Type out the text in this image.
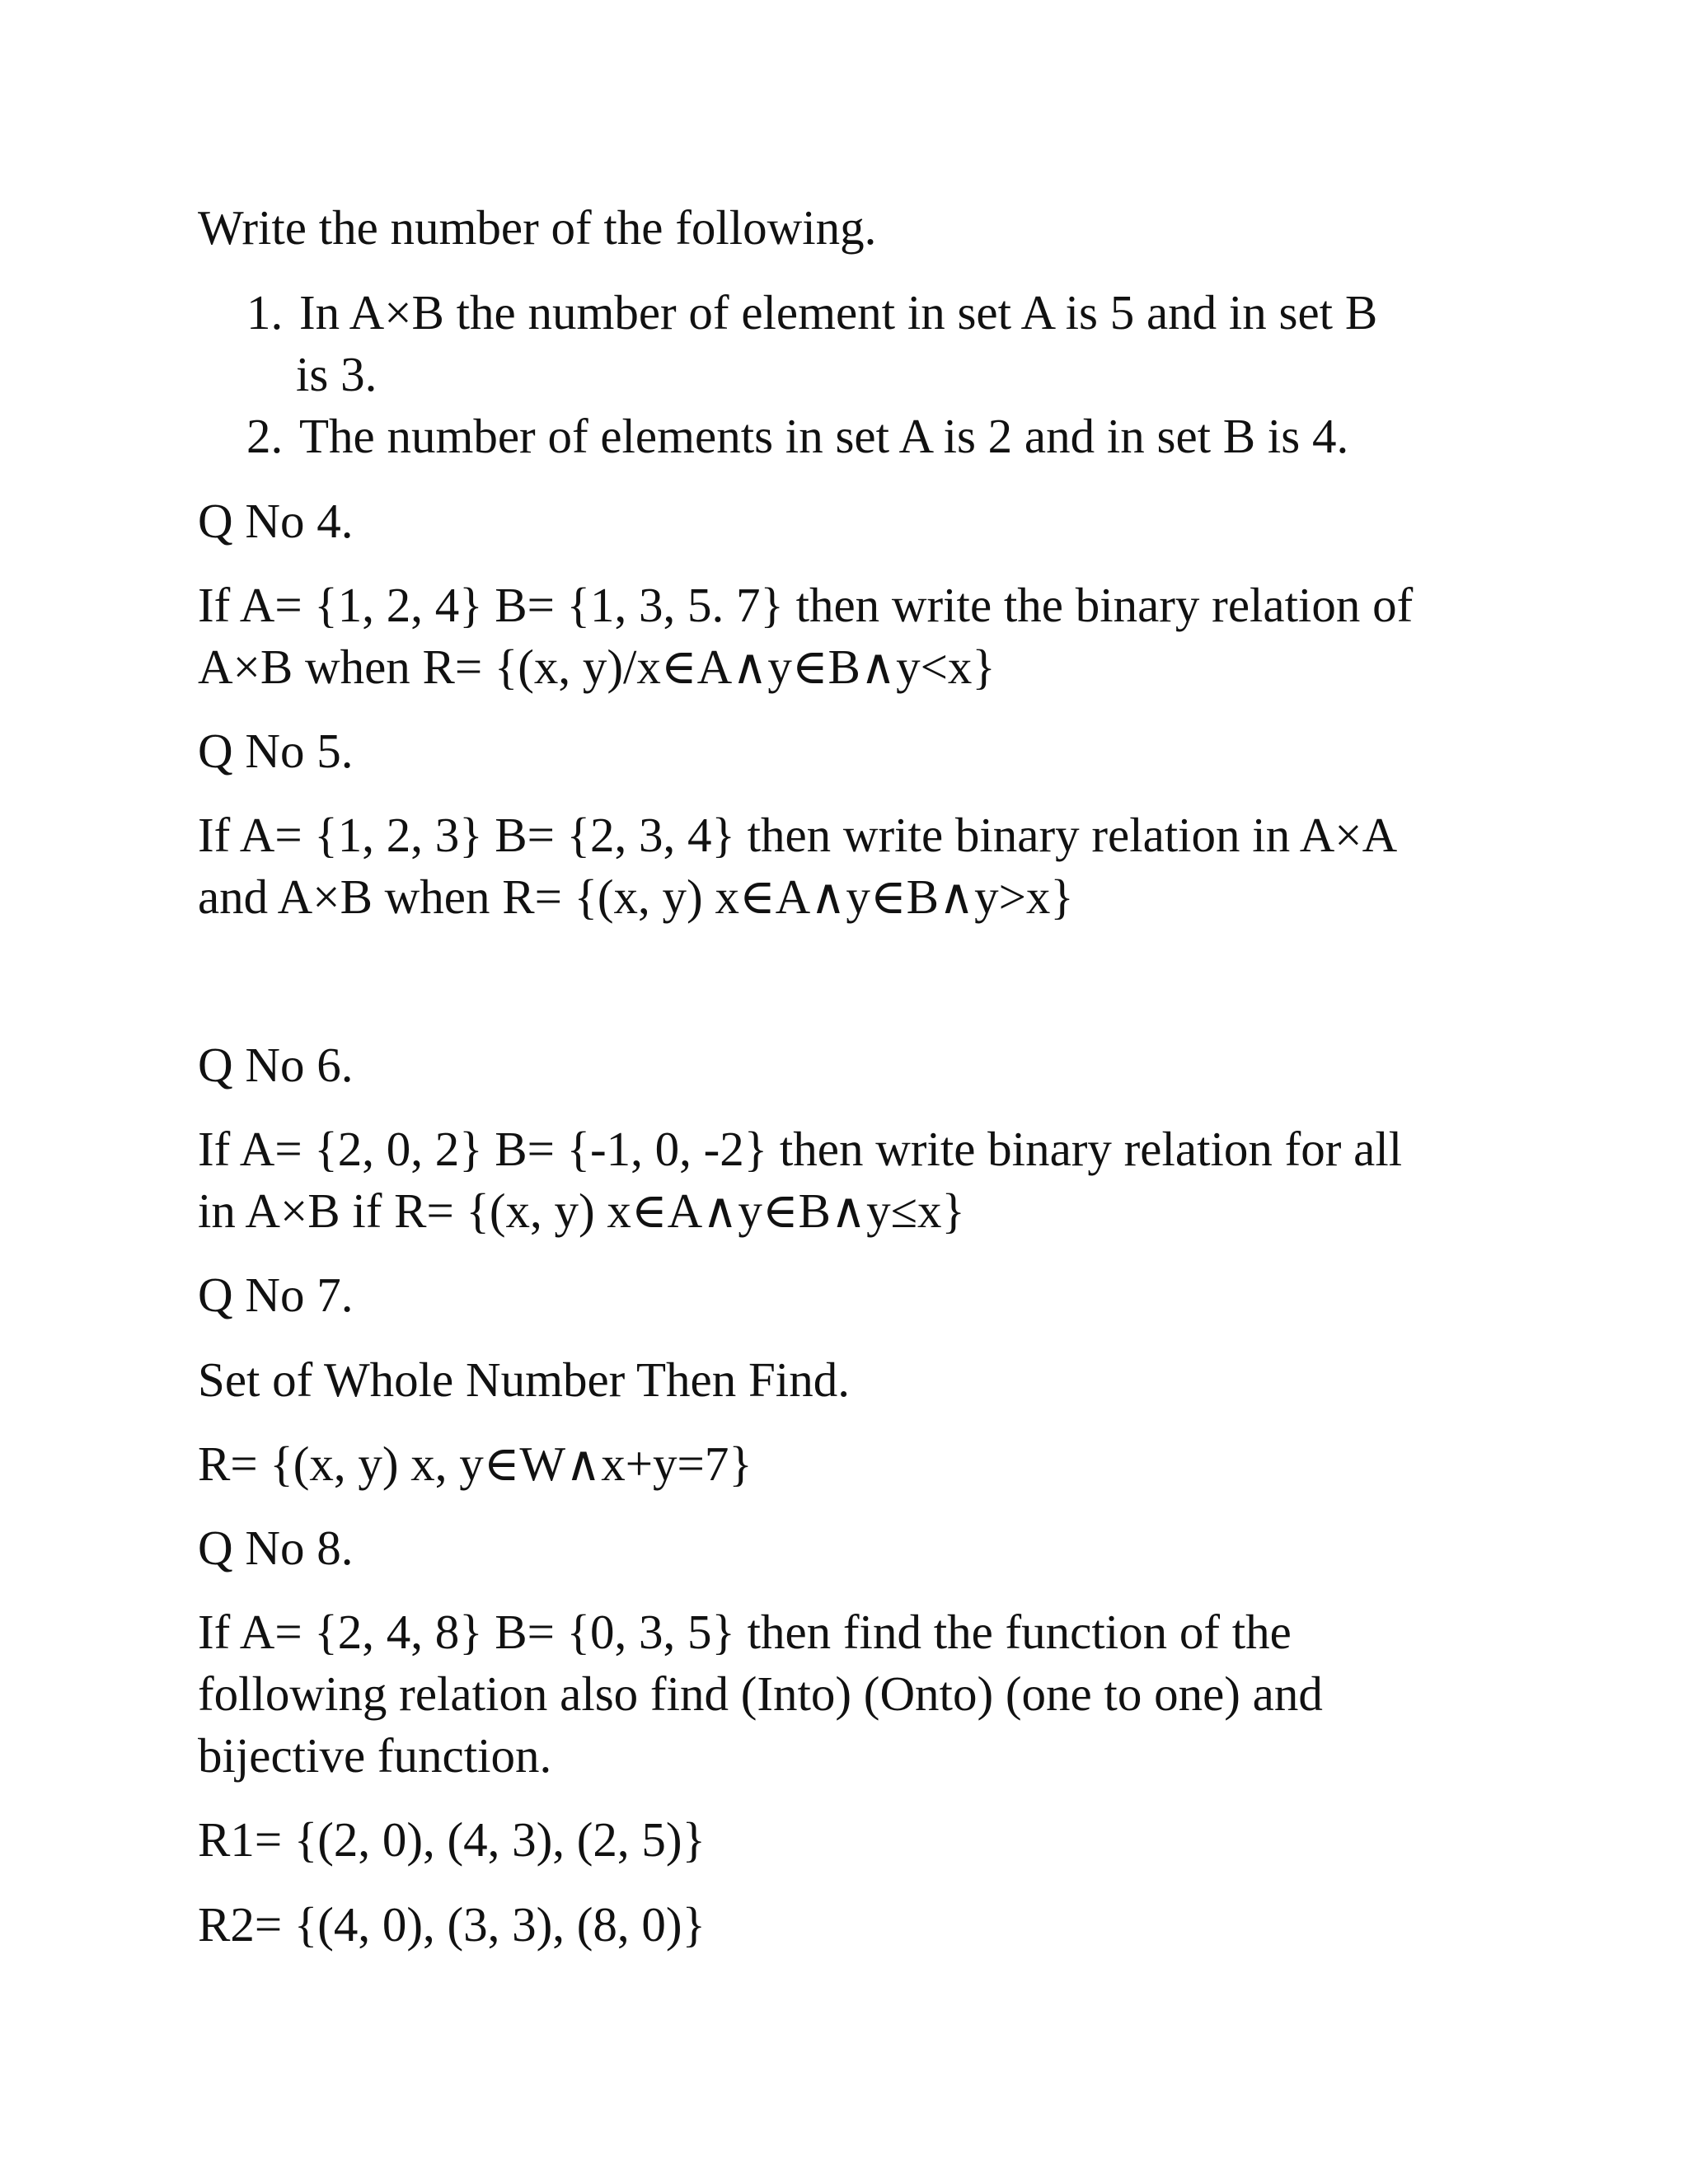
Write the number of the following.
1. In A×B the number of element in set A is 5 and in set B
is 3.
2. The number of elements in set A is 2 and in set B is 4.
Q No 4.
If A= {1, 2, 4} B= {1, 3, 5. 7} then write the binary relation of
A×B when R= {(x, y)/x∈A∧y∈B∧y<x}
Q No 5.
If A= {1, 2, 3} B= {2, 3, 4} then write binary relation in A×A
and A×B when R= {(x, y) x∈A∧y∈B∧y>x}
Q No 6.
If A= {2, 0, 2} B= {-1, 0, -2} then write binary relation for all
in A×B if R= {(x, y) x∈A∧y∈B∧y≤x}
Q No 7.
Set of Whole Number Then Find.
R= {(x, y) x, y∈W∧x+y=7}
Q No 8.
If A= {2, 4, 8} B= {0, 3, 5} then find the function of the
following relation also find (Into) (Onto) (one to one) and
bijective function.
R1= {(2, 0), (4, 3), (2, 5)}
R2= {(4, 0), (3, 3), (8, 0)}
